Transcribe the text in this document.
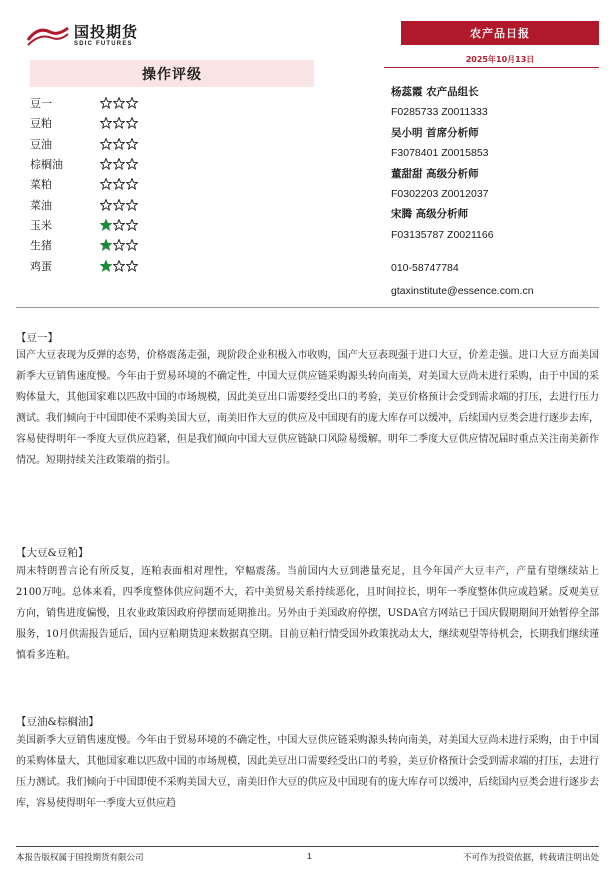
国投期货
SDIC FUTURES
农产品日报
2025年10月13日
操作评级
豆一
豆粕
豆油
棕榈油
菜粕
菜油
玉米
生猪
鸡蛋
杨蕊霞 农产品组长
F0285733 Z0011333
吴小明 首席分析师
F3078401 Z0015853
董甜甜 高级分析师
F0302203 Z0012037
宋腾 高级分析师
F03135787 Z0021166
010-58747784
gtaxinstitute@essence.com.cn
【豆一】
国产大豆表现为反弹的态势，价格震荡走强，现阶段企业积极入市收购，国产大豆表现强于进口大豆，价差走强。进口大豆方面美国新季大豆销售速度慢。今年由于贸易环境的不确定性，中国大豆供应链采购源头转向南美，对美国大豆尚未进行采购，由于中国的采购体量大，其他国家难以匹敌中国的市场规模，因此美豆出口需要经受出口的考验，美豆价格预计会受到需求端的打压，去进行压力测试。我们倾向于中国即使不采购美国大豆，南美旧作大豆的供应及中国现有的庞大库存可以缓冲，后续国内豆类会进行逐步去库，容易使得明年一季度大豆供应趋紧，但是我们倾向中国大豆供应链缺口风险易缓解。明年二季度大豆供应情况届时重点关注南美新作情况。短期持续关注政策端的指引。
【大豆&豆粕】
周末特朗普言论有所反复，连粕表面相对理性，窄幅震荡。当前国内大豆到港量充足，且今年国产大豆丰产，产量有望继续站上2100万吨。总体来看，四季度整体供应问题不大，若中美贸易关系持续恶化，且时间拉长，明年一季度整体供应或趋紧。反观美豆方向，销售进度偏慢，且农业政策因政府停摆而延期推出。另外由于美国政府停摆，USDA官方网站已于国庆假期期间开始暂停全部服务，10月供需报告延后，国内豆粕期货迎来数据真空期。目前豆粕行情受国外政策扰动太大，继续观望等待机会，长期我们继续谨慎看多连粕。
【豆油&棕榈油】
美国新季大豆销售速度慢。今年由于贸易环境的不确定性，中国大豆供应链采购源头转向南美，对美国大豆尚未进行采购，由于中国的采购体量大，其他国家难以匹敌中国的市场规模，因此美豆出口需要经受出口的考验，美豆价格预计会受到需求端的打压，去进行压力测试。我们倾向于中国即使不采购美国大豆，南美旧作大豆的供应及中国现有的庞大库存可以缓冲，后续国内豆类会进行逐步去库，容易使得明年一季度大豆供应趋
本报告版权属于国投期货有限公司	1	不可作为投资依据，转载请注明出处
